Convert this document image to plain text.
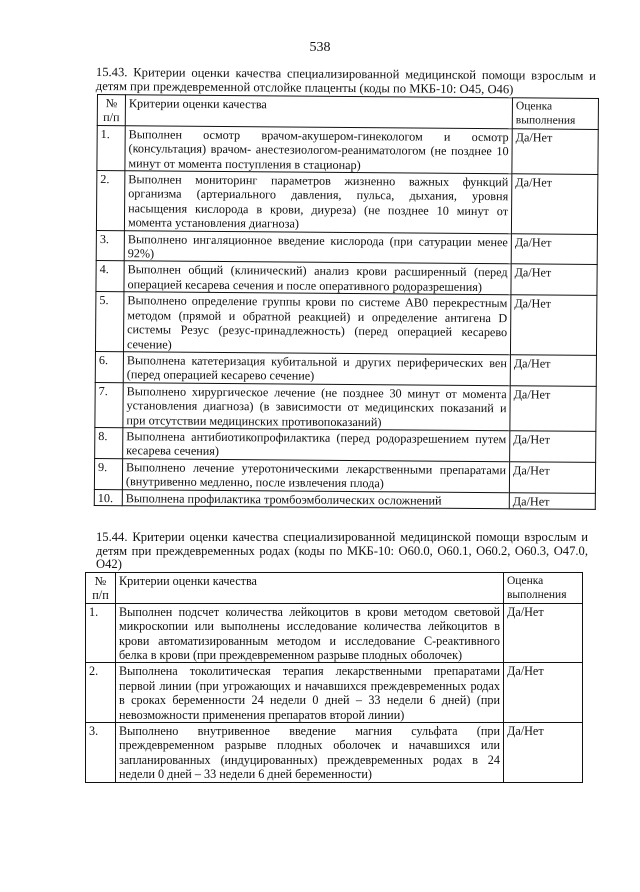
538
15.43. Критерии оценки качества специализированной медицинской помощи взрослым и детям при преждевременной отслойке плаценты (коды по МКБ-10: O45, O46)
№ п/п	Критерии оценки качества	Оценка выполнения
1.	Выполнен осмотр врачом-акушером-гинекологом и осмотр (консультация) врачом- анестезиологом-реаниматологом (не позднее 10 минут от момента поступления в стационар)	Да/Нет
2.	Выполнен мониторинг параметров жизненно важных функций организма (артериального давления, пульса, дыхания, уровня насыщения кислорода в крови, диуреза) (не позднее 10 минут от момента установления диагноза)	Да/Нет
3.	Выполнено ингаляционное введение кислорода (при сатурации менее 92%)	Да/Нет
4.	Выполнен общий (клинический) анализ крови расширенный (перед операцией кесарева сечения и после оперативного родоразрешения)	Да/Нет
5.	Выполнено определение группы крови по системе AB0 перекрестным методом (прямой и обратной реакцией) и определение антигена D системы Резус (резус-принадлежность) (перед операцией кесарево сечение)	Да/Нет
6.	Выполнена катетеризация кубитальной и других периферических вен (перед операцией кесарево сечение)	Да/Нет
7.	Выполнено хирургическое лечение (не позднее 30 минут от момента установления диагноза) (в зависимости от медицинских показаний и при отсутствии медицинских противопоказаний)	Да/Нет
8.	Выполнена антибиотикопрофилактика (перед родоразрешением путем кесарева сечения)	Да/Нет
9.	Выполнено лечение утеротоническими лекарственными препаратами (внутривенно медленно, после извлечения плода)	Да/Нет
10.	Выполнена профилактика тромбоэмболических осложнений	Да/Нет
15.44. Критерии оценки качества специализированной медицинской помощи взрослым и детям при преждевременных родах (коды по МКБ-10: O60.0, O60.1, O60.2, O60.3, O47.0, O42)
№ п/п	Критерии оценки качества	Оценка выполнения
1.	Выполнен подсчет количества лейкоцитов в крови методом световой микроскопии или выполнены исследование количества лейкоцитов в крови автоматизированным методом и исследование C-реактивного белка в крови (при преждевременном разрыве плодных оболочек)	Да/Нет
2.	Выполнена токолитическая терапия лекарственными препаратами первой линии (при угрожающих и начавшихся преждевременных родах в сроках беременности 24 недели 0 дней – 33 недели 6 дней) (при невозможности применения препаратов второй линии)	Да/Нет
3.	Выполнено внутривенное введение магния сульфата (при преждевременном разрыве плодных оболочек и начавшихся или запланированных (индуцированных) преждевременных родах в 24 недели 0 дней – 33 недели 6 дней беременности)	Да/Нет
